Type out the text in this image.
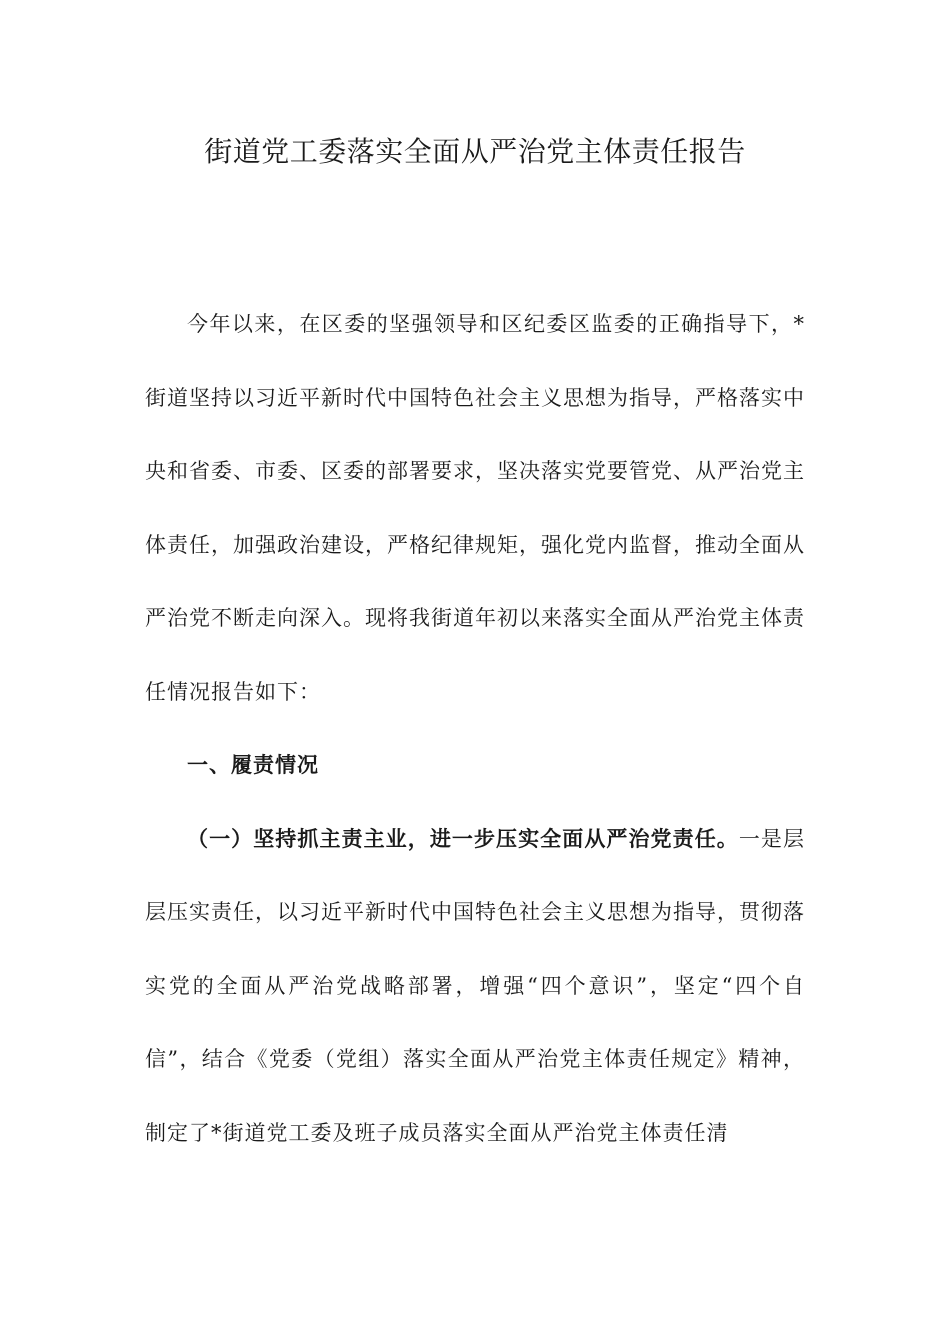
街道党工委落实全面从严治党主体责任报告

今年以来，在区委的坚强领导和区纪委区监委的正确指导下，*街道坚持以习近平新时代中国特色社会主义思想为指导，严格落实中央和省委、市委、区委的部署要求，坚决落实党要管党、从严治党主体责任，加强政治建设，严格纪律规矩，强化党内监督，推动全面从严治党不断走向深入。现将我街道年初以来落实全面从严治党主体责任情况报告如下：

一、履责情况

（一）坚持抓主责主业，进一步压实全面从严治党责任。一是层层压实责任，以习近平新时代中国特色社会主义思想为指导，贯彻落实党的全面从严治党战略部署，增强“四个意识”，坚定“四个自信”，结合《党委（党组）落实全面从严治党主体责任规定》精神，制定了*街道党工委及班子成员落实全面从严治党主体责任清
